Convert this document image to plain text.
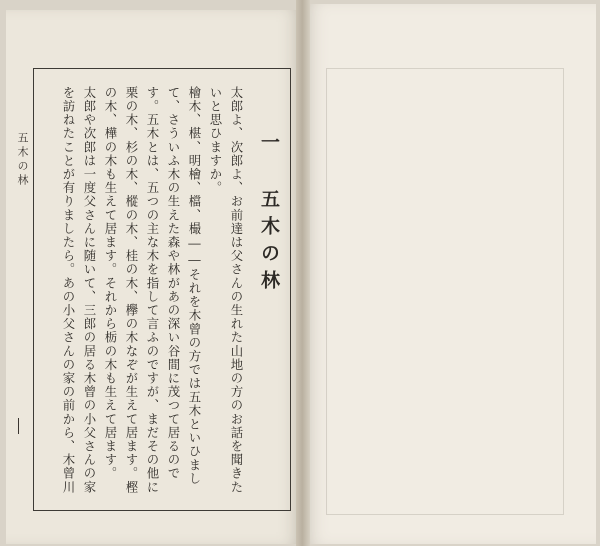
五木の林	一 五木の林

太郎よ、次郎よ、お前達は父さんの生れた山地の方のお話を聞きたいと思ひますか。

檜木、椹、明檜、檔、樶――それを木曾の方では五木といひまして、さういふ木の生えた森や林があの深い谷間に茂つて居るのです。五木とは、五つの主な木を指して言ふのですが、まだその他に栗の木、杉の木、樅の木、桂の木、欅の木なぞが生えて居ます。樫の木、樺の木も生えて居ます。それから栃の木も生えて居ます。

太郎や次郎は一度父さんに随いて、三郎の居る木曾の小父さんの家を訪ねたことが有りましたら。あの小父さんの家の前から、木曾川
